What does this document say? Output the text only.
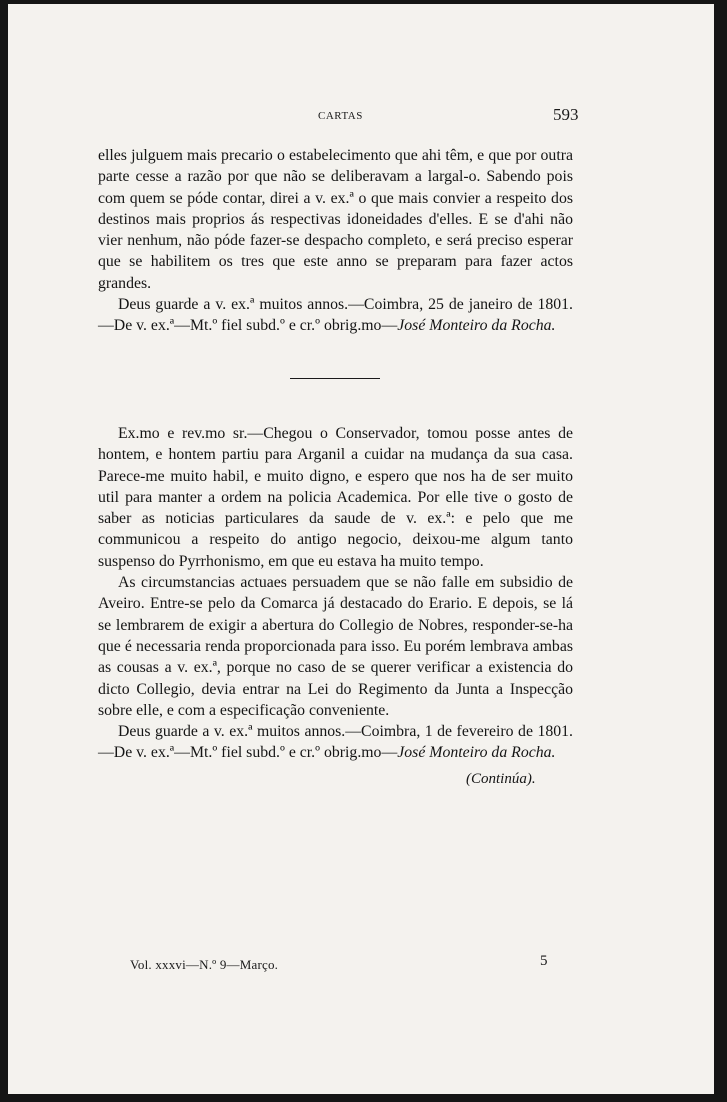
CARTAS	593

elles julguem mais precario o estabelecimento que ahi têm, e que por outra parte cesse a razão por que não se deliberavam a largal-o. Sabendo pois com quem se póde contar, direi a v. ex.ª o que mais convier a respeito dos destinos mais proprios ás respectivas idoneidades d'elles. E se d'ahi não vier nenhum, não póde fazer-se despacho completo, e será preciso esperar que se habilitem os tres que este anno se preparam para fazer actos grandes.

Deus guarde a v. ex.ª muitos annos.—Coimbra, 25 de janeiro de 1801.—De v. ex.ª—Mt.º fiel subd.º e cr.º obrig.mo—José Monteiro da Rocha.

Ex.mo e rev.mo sr.—Chegou o Conservador, tomou posse antes de hontem, e hontem partiu para Arganil a cuidar na mudança da sua casa. Parece-me muito habil, e muito digno, e espero que nos ha de ser muito util para manter a ordem na policia Academica. Por elle tive o gosto de saber as noticias particulares da saude de v. ex.ª: e pelo que me communicou a respeito do antigo negocio, deixou-me algum tanto suspenso do Pyrrhonismo, em que eu estava ha muito tempo.

As circumstancias actuaes persuadem que se não falle em subsidio de Aveiro. Entre-se pelo da Comarca já destacado do Erario. E depois, se lá se lembrarem de exigir a abertura do Collegio de Nobres, responder-se-ha que é necessaria renda proporcionada para isso. Eu porém lembrava ambas as cousas a v. ex.ª, porque no caso de se querer verificar a existencia do dicto Collegio, devia entrar na Lei do Regimento da Junta a Inspecção sobre elle, e com a especificação conveniente.

Deus guarde a v. ex.ª muitos annos.—Coimbra, 1 de fevereiro de 1801.—De v. ex.ª—Mt.º fiel subd.º e cr.º obrig.mo—José Monteiro da Rocha.

(Continúa).
Vol. xxxvi—N.º 9—Março.	5
